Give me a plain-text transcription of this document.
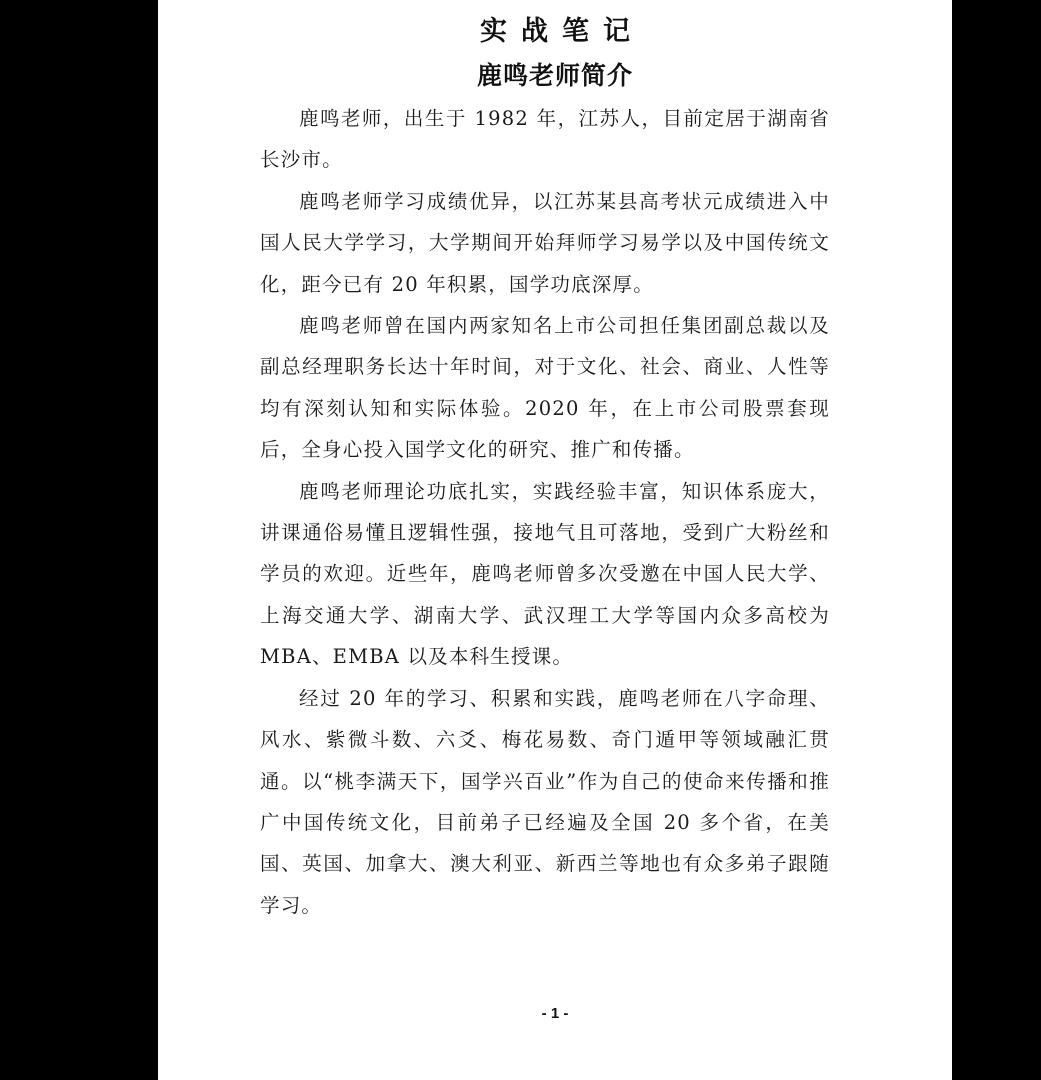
实战笔记
鹿鸣老师简介

鹿鸣老师，出生于 1982 年，江苏人，目前定居于湖南省长沙市。

鹿鸣老师学习成绩优异，以江苏某县高考状元成绩进入中国人民大学学习，大学期间开始拜师学习易学以及中国传统文化，距今已有 20 年积累，国学功底深厚。

鹿鸣老师曾在国内两家知名上市公司担任集团副总裁以及副总经理职务长达十年时间，对于文化、社会、商业、人性等均有深刻认知和实际体验。2020 年，在上市公司股票套现后，全身心投入国学文化的研究、推广和传播。

鹿鸣老师理论功底扎实，实践经验丰富，知识体系庞大，讲课通俗易懂且逻辑性强，接地气且可落地，受到广大粉丝和学员的欢迎。近些年，鹿鸣老师曾多次受邀在中国人民大学、上海交通大学、湖南大学、武汉理工大学等国内众多高校为 MBA、EMBA 以及本科生授课。

经过 20 年的学习、积累和实践，鹿鸣老师在八字命理、风水、紫微斗数、六爻、梅花易数、奇门遁甲等领域融汇贯通。以“桃李满天下，国学兴百业”作为自己的使命来传播和推广中国传统文化，目前弟子已经遍及全国 20 多个省，在美国、英国、加拿大、澳大利亚、新西兰等地也有众多弟子跟随学习。

- 1 -
